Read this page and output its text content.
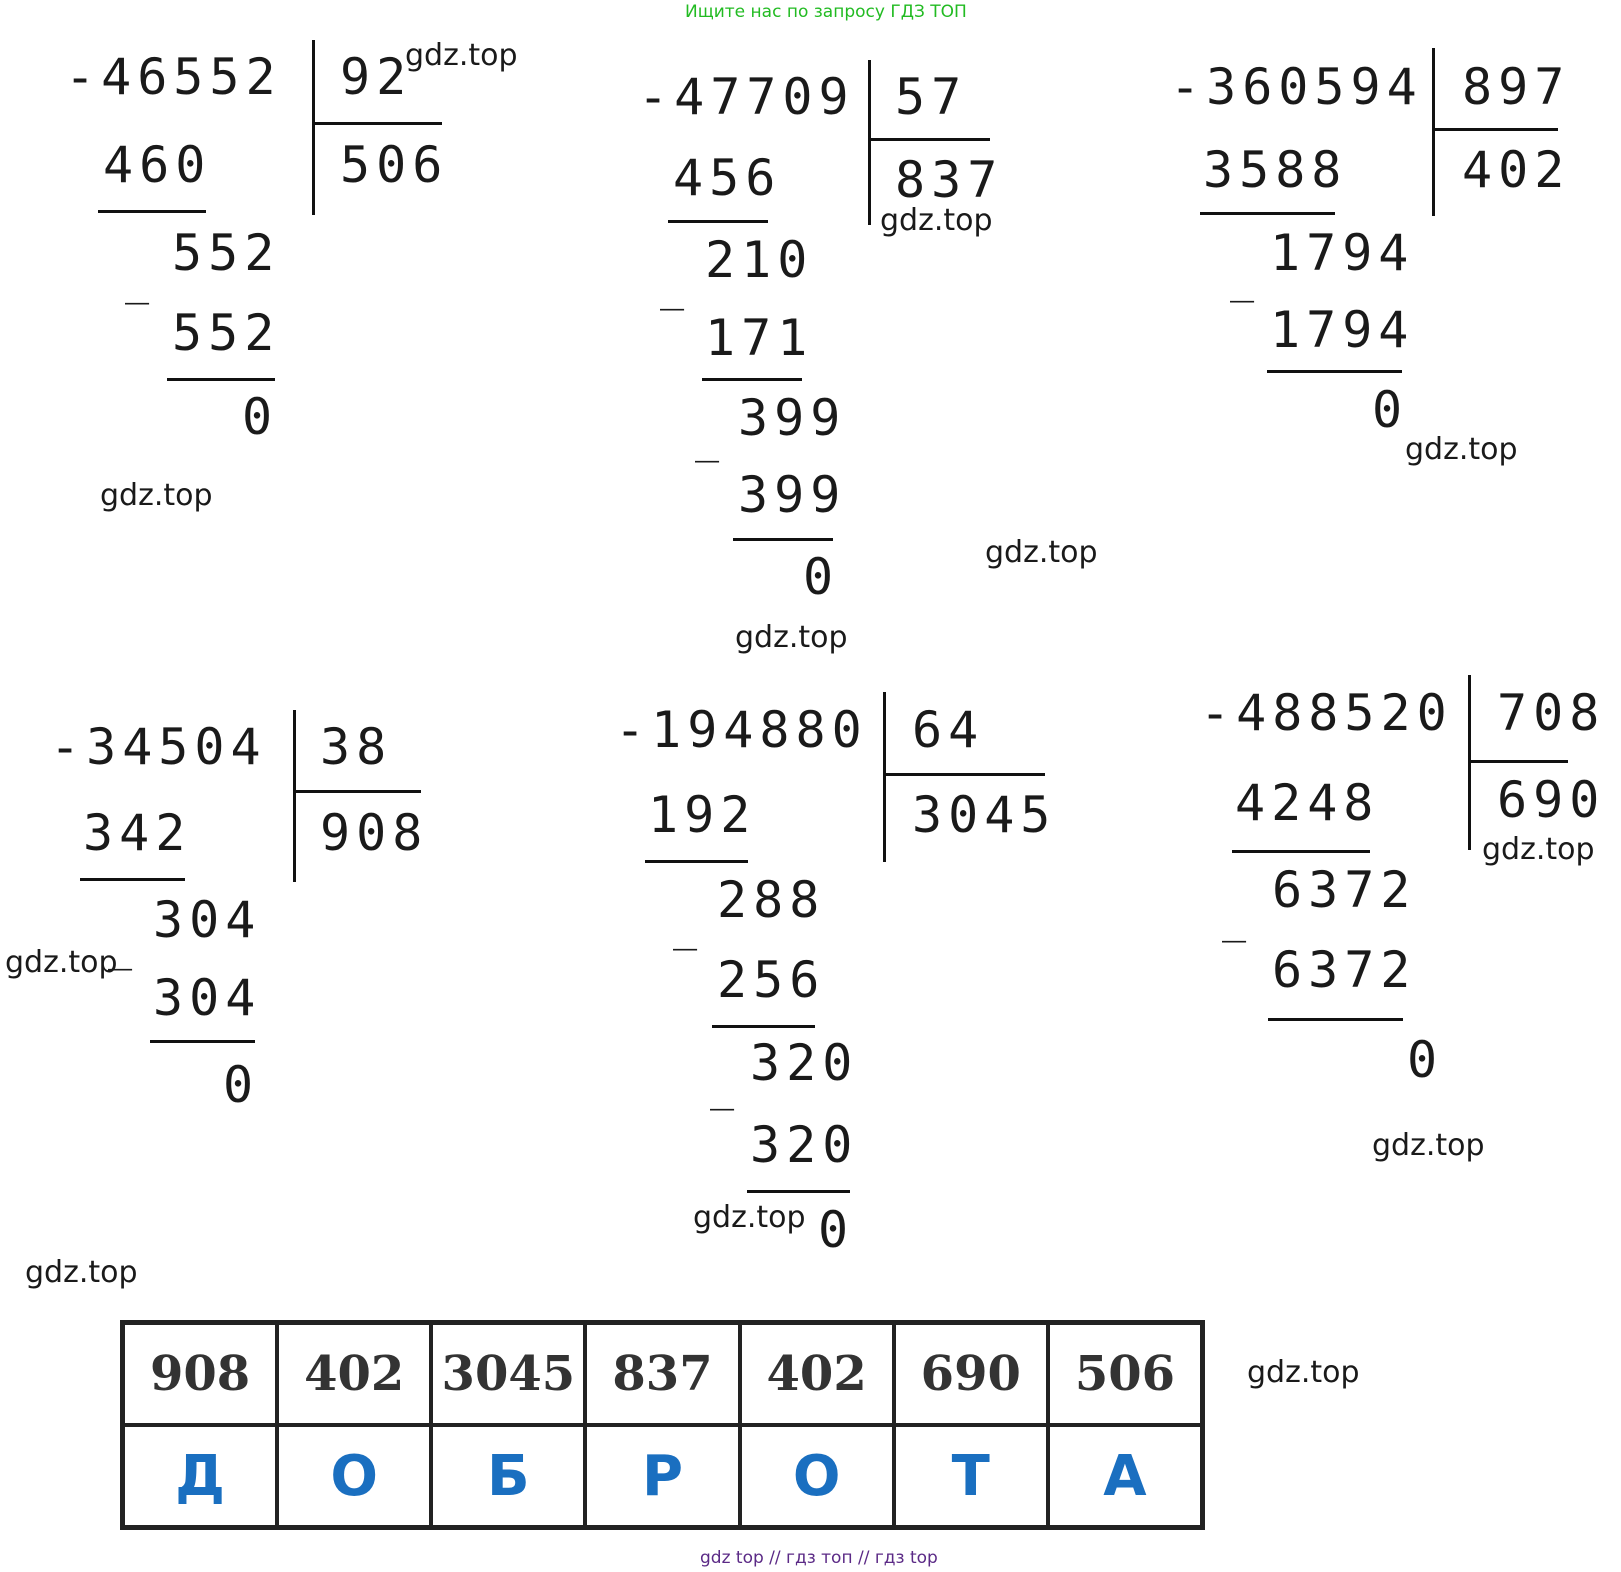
Ищите нас по запросу ГДЗ ТОП
-46552 92
506
460
_ 552
552
0
-47709 57
837
456
_ 210
171
_ 399
399
0
-360594 897
402
3588
_ 1794
1794
0
-34504 38
908
342
_ 304
304
0
-194880 64
3045
192
_ 288
256
_ 320
320
0
-488520 708
690
4248
_
6372
6372
0
gdz.top
gdz.top
gdz.top
gdz.top
gdz.top
gdz.top
gdz.top
gdz.top
gdz.top
gdz.top
gdz.top
gdz.top
908 402 3045 837 402 690 506
Д О Б Р О Т А
gdz top // гдз топ // гдз top
